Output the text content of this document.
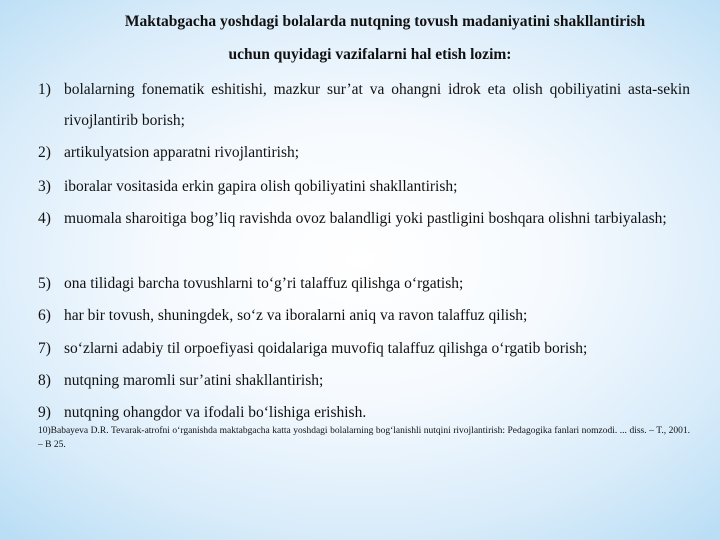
Maktabgacha yoshdagi bolalarda nutqning tovush madaniyatini shakllantirish
uchun quyidagi vazifalarni hal etish lozim:
1) bolalarning fonematik eshitishi, mazkur sur’at va ohangni idrok eta olish qobiliyatini asta-sekin rivojlantirib borish;
2) artikulyatsion apparatni rivojlantirish;
3) iboralar vositasida erkin gapira olish qobiliyatini shakllantirish;
4) muomala sharoitiga bog’liq ravishda ovoz balandligi yoki pastligini boshqara olishni tarbiyalash;
5) ona tilidagi barcha tovushlarni to‘g’ri talaffuz qilishga o‘rgatish;
6) har bir tovush, shuningdek, so‘z va iboralarni aniq va ravon talaffuz qilish;
7) so‘zlarni adabiy til orpoefiyasi qoidalariga muvofiq talaffuz qilishga o‘rgatib borish;
8) nutqning maromli sur’atini shakllantirish;
9) nutqning ohangdor va ifodali bo‘lishiga erishish.
10)Babayeva D.R. Tevarak-atrofni o‘rganishda maktabgacha katta yoshdagi bolalarning bog‘lanishli nutqini rivojlantirish: Pedagogika fanlari nomzodi. ... diss. – T., 2001. – B 25.
